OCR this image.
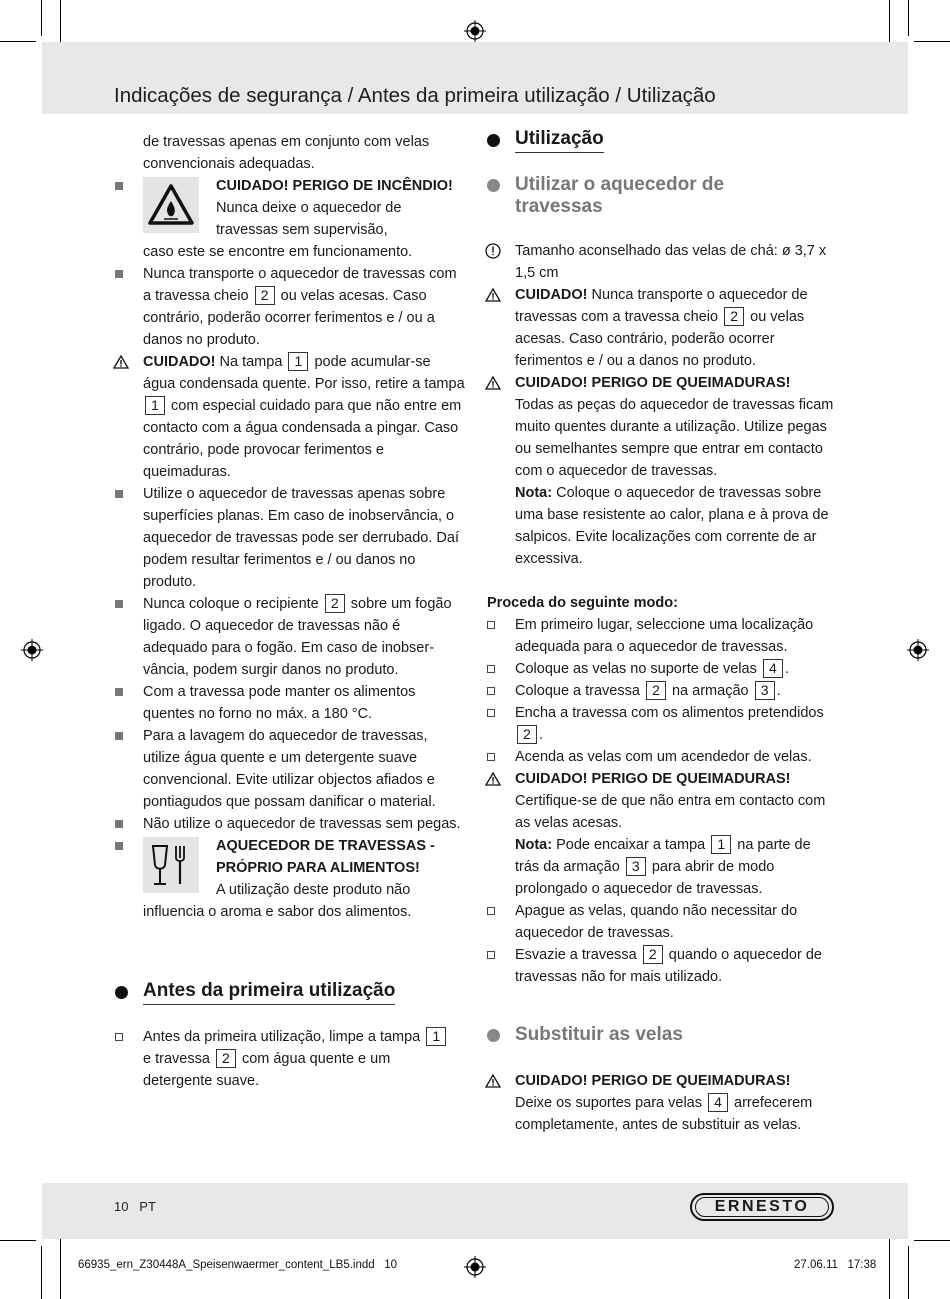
Indicações de segurança / Antes da primeira utilização / Utilização

de travessas apenas em conjunto com velas convencionais adequadas.

CUIDADO! PERIGO DE INCÊNDIO! Nunca deixe o aquecedor de travessas sem supervisão,

caso este se encontre em funcionamento.

Nunca transporte o aquecedor de travessas com a travessa cheio 2 ou velas acesas. Caso contrário, poderão ocorrer ferimentos e / ou a danos no produto.

CUIDADO! Na tampa 1 pode acumular-se água condensada quente. Por isso, retire a tampa 1 com especial cuidado para que não entre em contacto com a água condensada a pingar. Caso contrário, pode provocar ferimentos e queimaduras.

Utilize o aquecedor de travessas apenas sobre superfícies planas. Em caso de inobservância, o aquecedor de travessas pode ser derrubado. Daí podem resultar ferimentos e / ou danos no produto.

Nunca coloque o recipiente 2 sobre um fogão ligado. O aquecedor de travessas não é adequado para o fogão. Em caso de inobservância, podem surgir danos no produto.

Com a travessa pode manter os alimentos quentes no forno no máx. a 180 °C.

Para a lavagem do aquecedor de travessas, utilize água quente e um detergente suave convencional. Evite utilizar objectos afiados e pontiagudos que possam danificar o material.

Não utilize o aquecedor de travessas sem pegas.

AQUECEDOR DE TRAVESSAS - PRÓPRIO PARA ALIMENTOS!
A utilização deste produto não

influencia o aroma e sabor dos alimentos.

Antes da primeira utilização

Antes da primeira utilização, limpe a tampa 1 e travessa 2 com água quente e um detergente suave.

Utilização
Utilizar o aquecedor de travessas

Tamanho aconselhado das velas de chá: ø 3,7 x 1,5 cm

CUIDADO! Nunca transporte o aquecedor de travessas com a travessa cheio 2 ou velas acesas. Caso contrário, poderão ocorrer ferimentos e / ou a danos no produto.

CUIDADO! PERIGO DE QUEIMADURAS!
Todas as peças do aquecedor de travessas ficam muito quentes durante a utilização. Utilize pegas ou semelhantes sempre que entrar em contacto com o aquecedor de travessas.
Nota: Coloque o aquecedor de travessas sobre uma base resistente ao calor, plana e à prova de salpicos. Evite localizações com corrente de ar excessiva.

Proceda do seguinte modo:

Em primeiro lugar, seleccione uma localização adequada para o aquecedor de travessas.

Coloque as velas no suporte de velas 4 .

Coloque a travessa 2 na armação 3 .

Encha a travessa com os alimentos pretendidos 2 .

Acenda as velas com um acendedor de velas.

CUIDADO! PERIGO DE QUEIMADURAS!
Certifique-se de que não entra em contacto com as velas acesas.
Nota: Pode encaixar a tampa 1 na parte de trás da armação 3 para abrir de modo prolongado o aquecedor de travessas.

Apague as velas, quando não necessitar do aquecedor de travessas.

Esvazie a travessa 2 quando o aquecedor de travessas não for mais utilizado.

Substituir as velas

CUIDADO! PERIGO DE QUEIMADURAS!
Deixe os suportes para velas 4 arrefecerem completamente, antes de substituir as velas.

10   PT	ERNESTO
66935_ern_Z30448A_Speisenwaermer_content_LB5.indd   10	27.06.11   17:38
